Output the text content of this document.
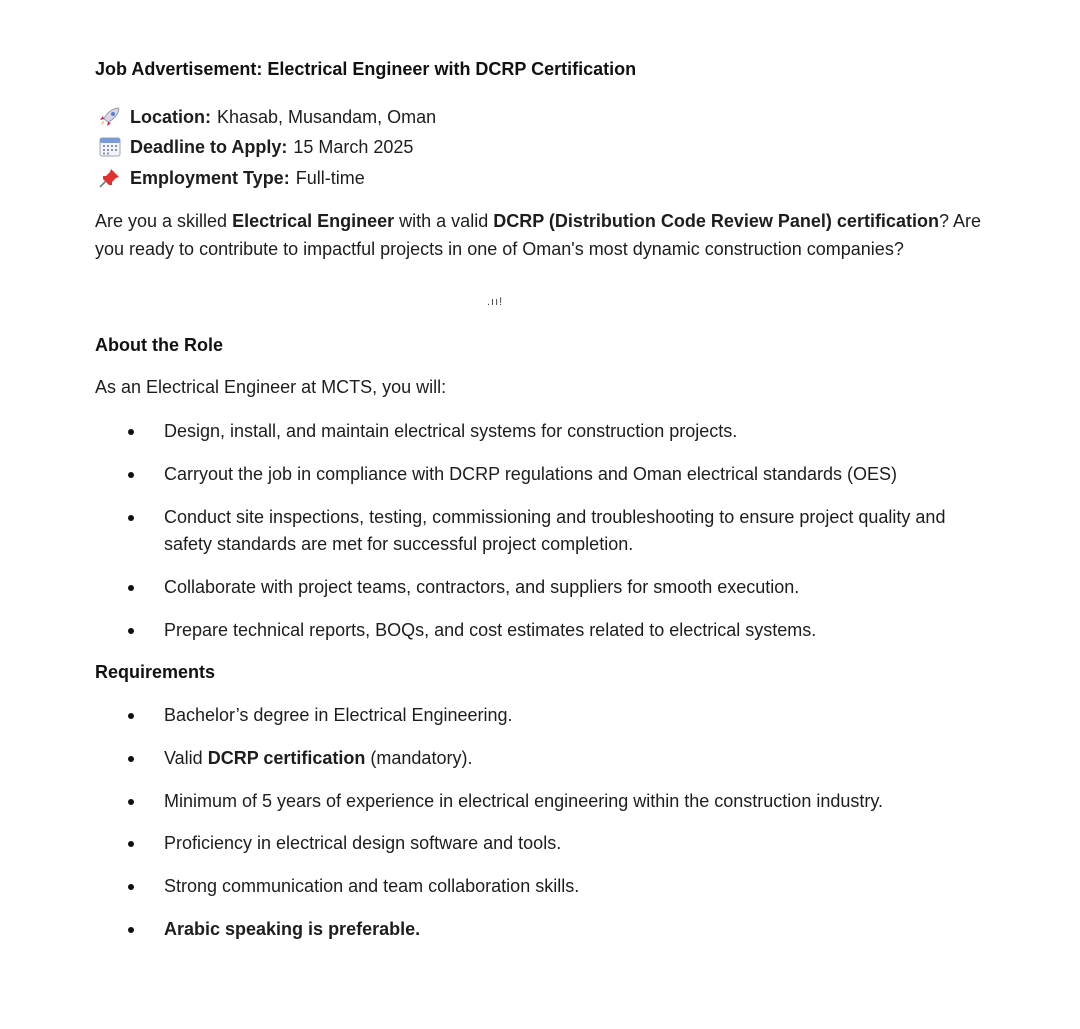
Job Advertisement: Electrical Engineer with DCRP Certification
Location: Khasab, Musandam, Oman
Deadline to Apply: 15 March 2025
Employment Type: Full-time
Are you a skilled Electrical Engineer with a valid DCRP (Distribution Code Review Panel) certification? Are you ready to contribute to impactful projects in one of Oman's most dynamic construction companies?
.ıı!
About the Role
As an Electrical Engineer at MCTS, you will:
Design, install, and maintain electrical systems for construction projects.
Carryout the job in compliance with DCRP regulations and Oman electrical standards (OES)
Conduct site inspections, testing, commissioning and troubleshooting to ensure project quality and safety standards are met for successful project completion.
Collaborate with project teams, contractors, and suppliers for smooth execution.
Prepare technical reports, BOQs, and cost estimates related to electrical systems.
Requirements
Bachelor’s degree in Electrical Engineering.
Valid DCRP certification (mandatory).
Minimum of 5 years of experience in electrical engineering within the construction industry.
Proficiency in electrical design software and tools.
Strong communication and team collaboration skills.
Arabic speaking is preferable.
